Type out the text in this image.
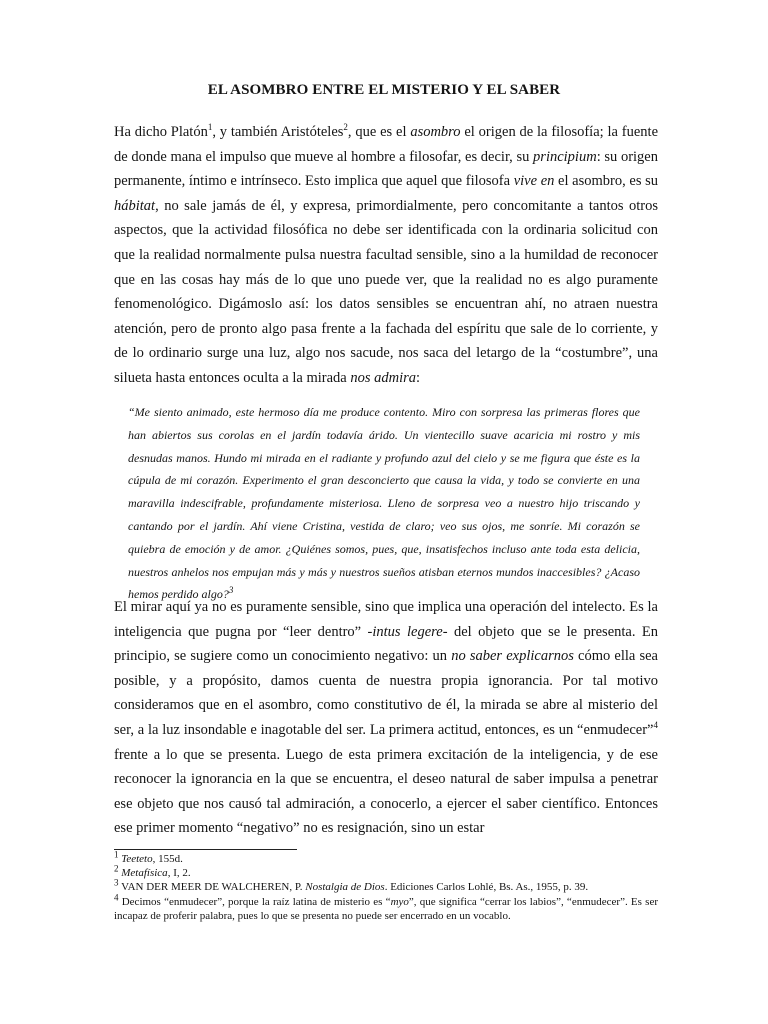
EL ASOMBRO ENTRE EL MISTERIO Y EL SABER

Ha dicho Platón$^1$, y también Aristóteles$^2$, que es el asombro el origen de la filosofía; la fuente de donde mana el impulso que mueve al hombre a filosofar, es decir, su principium: su origen permanente, íntimo e intrínseco. Esto implica que aquel que filosofa vive en el asombro, es su hábitat, no sale jamás de él, y expresa, primordialmente, pero concomitante a tantos otros aspectos, que la actividad filosófica no debe ser identificada con la ordinaria solicitud con que la realidad normalmente pulsa nuestra facultad sensible, sino a la humildad de reconocer que en las cosas hay más de lo que uno puede ver, que la realidad no es algo puramente fenomenológico. Digámoslo así: los datos sensibles se encuentran ahí, no atraen nuestra atención, pero de pronto algo pasa frente a la fachada del espíritu que sale de lo corriente, y de lo ordinario surge una luz, algo nos sacude, nos saca del letargo de la “costumbre”, una silueta hasta entonces oculta a la mirada nos admira:

“Me siento animado, este hermoso día me produce contento. Miro con sorpresa las primeras flores que han abiertos sus corolas en el jardín todavía árido. Un vientecillo suave acaricia mi rostro y mis desnudas manos. Hundo mi mirada en el radiante y profundo azul del cielo y se me figura que éste es la cúpula de mi corazón. Experimento el gran desconcierto que causa la vida, y todo se convierte en una maravilla indescifrable, profundamente misteriosa. Lleno de sorpresa veo a nuestro hijo triscando y cantando por el jardín. Ahí viene Cristina, vestida de claro; veo sus ojos, me sonríe. Mi corazón se quiebra de emoción y de amor. ¿Quiénes somos, pues, que, insatisfechos incluso ante toda esta delicia, nuestros anhelos nos empujan más y más y nuestros sueños atisban eternos mundos inaccesibles? ¿Acaso hemos perdido algo?$^3$

El mirar aquí ya no es puramente sensible, sino que implica una operación del intelecto. Es la inteligencia que pugna por “leer dentro” -intus legere- del objeto que se le presenta. En principio, se sugiere como un conocimiento negativo: un no saber explicarnos cómo ella sea posible, y a propósito, damos cuenta de nuestra propia ignorancia. Por tal motivo consideramos que en el asombro, como constitutivo de él, la mirada se abre al misterio del ser, a la luz insondable e inagotable del ser. La primera actitud, entonces, es un “enmudecer”$^4$ frente a lo que se presenta. Luego de esta primera excitación de la inteligencia, y de ese reconocer la ignorancia en la que se encuentra, el deseo natural de saber impulsa a penetrar ese objeto que nos causó tal admiración, a conocerlo, a ejercer el saber científico. Entonces ese primer momento “negativo” no es resignación, sino un estar

$^1$ Teeteto, 155d.
$^2$ Metafísica, I, 2.
$^3$ VAN DER MEER DE WALCHEREN, P. Nostalgia de Dios. Ediciones Carlos Lohlé, Bs. As., 1955, p. 39.
$^4$ Decimos “enmudecer”, porque la raíz latina de misterio es “myo”, que significa “cerrar los labios”, “enmudecer”. Es ser incapaz de proferir palabra, pues lo que se presenta no puede ser encerrado en un vocablo.
